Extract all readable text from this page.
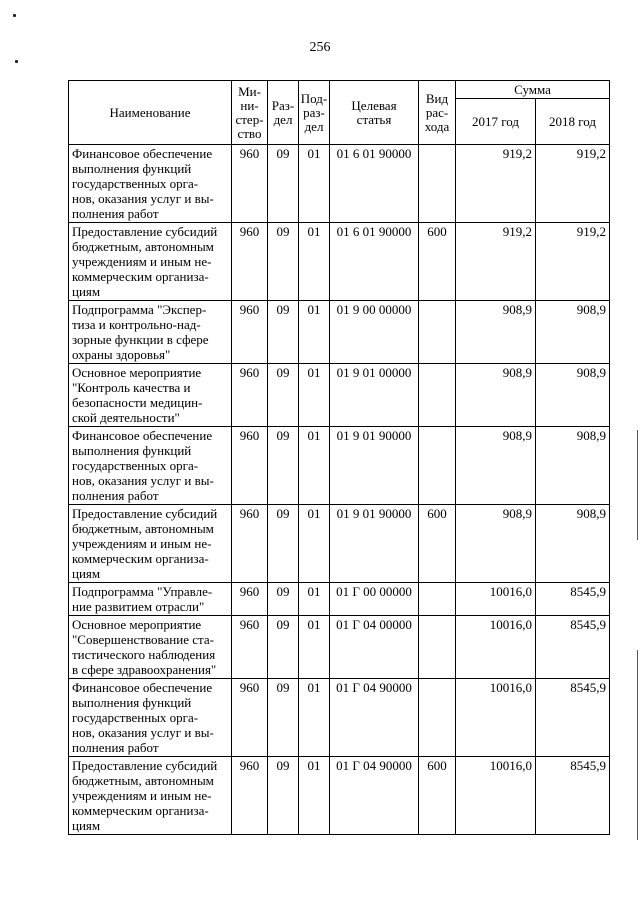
256
Наименование	Ми-
ни-
стер-
ство	Раз-
дел	Под-
раз-
дел	Целевая
статья	Вид
рас-
хода	Сумма	
						2017 год	2018 год
Финансовое обеспечение
выполнения функций
государственных орга-
нов, оказания услуг и вы-
полнения работ	960	09	01	01 6 01 90000		919,2	919,2
Предоставление субсидий
бюджетным, автономным
учреждениям и иным не-
коммерческим организа-
циям	960	09	01	01 6 01 90000	600	919,2	919,2
Подпрограмма "Экспер-
тиза и контрольно-над-
зорные функции в сфере
охраны здоровья"	960	09	01	01 9 00 00000		908,9	908,9
Основное мероприятие
"Контроль качества и
безопасности медицин-
ской деятельности"	960	09	01	01 9 01 00000		908,9	908,9
Финансовое обеспечение
выполнения функций
государственных орга-
нов, оказания услуг и вы-
полнения работ	960	09	01	01 9 01 90000		908,9	908,9
Предоставление субсидий
бюджетным, автономным
учреждениям и иным не-
коммерческим организа-
циям	960	09	01	01 9 01 90000	600	908,9	908,9
Подпрограмма "Управле-
ние развитием отрасли"	960	09	01	01 Г 00 00000		10016,0	8545,9
Основное мероприятие
"Совершенствование ста-
тистического наблюдения
в сфере здравоохранения"	960	09	01	01 Г 04 00000		10016,0	8545,9
Финансовое обеспечение
выполнения функций
государственных орга-
нов, оказания услуг и вы-
полнения работ	960	09	01	01 Г 04 90000		10016,0	8545,9
Предоставление субсидий
бюджетным, автономным
учреждениям и иным не-
коммерческим организа-
циям	960	09	01	01 Г 04 90000	600	10016,0	8545,9
